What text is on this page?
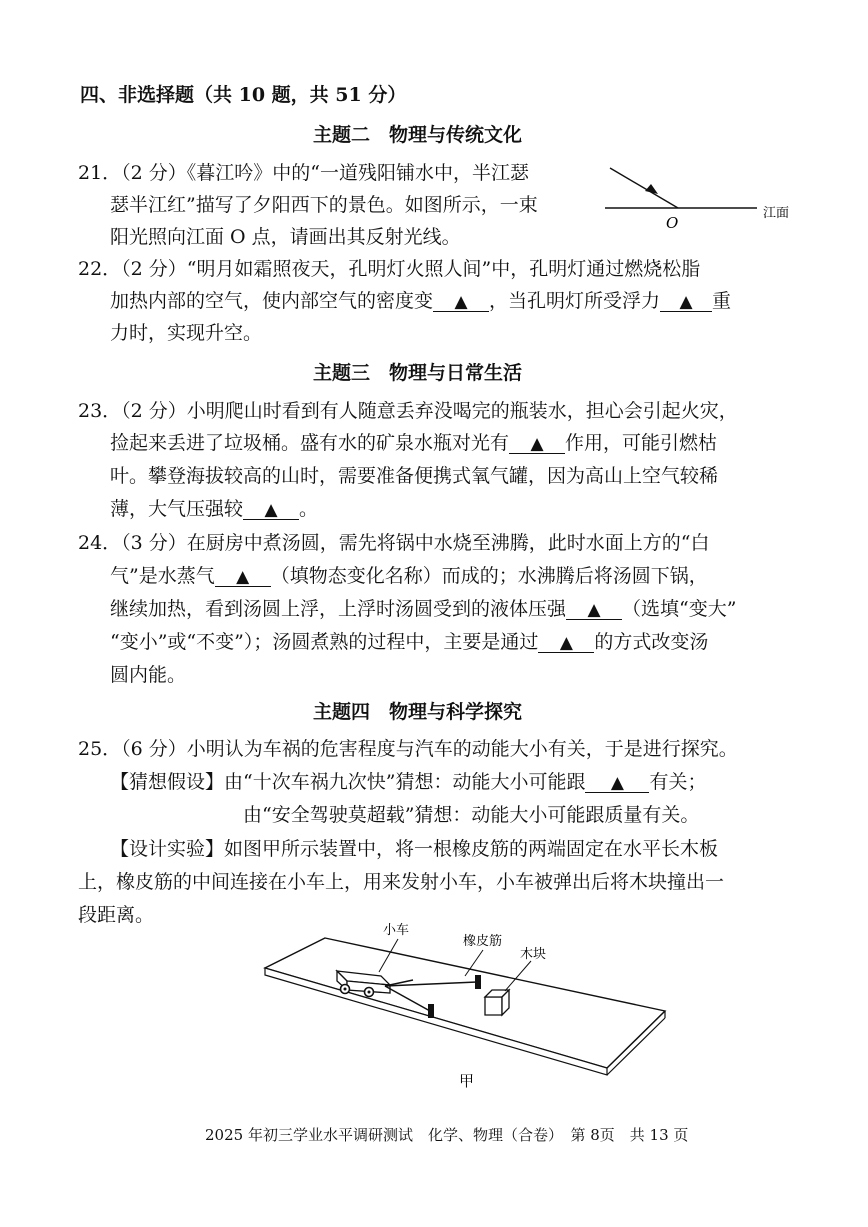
四、非选择题（共 10 题，共 51 分）
主题二　物理与传统文化
21．（2 分）《暮江吟》中的“一道残阳铺水中，半江瑟
瑟半江红”描写了夕阳西下的景色。如图所示，一束
阳光照向江面 O 点，请画出其反射光线。
O
江面
22．（2 分）“明月如霜照夜天，孔明灯火照人间”中，孔明灯通过燃烧松脂
加热内部的空气，使内部空气的密度变 ▲ ，当孔明灯所受浮力 ▲ 重
力时，实现升空。
主题三　物理与日常生活
23．（2 分）小明爬山时看到有人随意丢弃没喝完的瓶装水，担心会引起火灾，
捡起来丢进了垃圾桶。盛有水的矿泉水瓶对光有 ▲ 作用，可能引燃枯
叶。攀登海拔较高的山时，需要准备便携式氧气罐，因为高山上空气较稀
薄，大气压强较 ▲ 。
24．（3 分）在厨房中煮汤圆，需先将锅中水烧至沸腾，此时水面上方的“白
气”是水蒸气 ▲ （填物态变化名称）而成的；水沸腾后将汤圆下锅，
继续加热，看到汤圆上浮，上浮时汤圆受到的液体压强 ▲ （选填“变大”
“变小”或“不变”）；汤圆煮熟的过程中，主要是通过 ▲ 的方式改变汤
圆内能。
主题四　物理与科学探究
25．（6 分）小明认为车祸的危害程度与汽车的动能大小有关，于是进行探究。
【猜想假设】由“十次车祸九次快”猜想：动能大小可能跟 ▲ 有关；
由“安全驾驶莫超载”猜想：动能大小可能跟质量有关。
【设计实验】如图甲所示装置中，将一根橡皮筋的两端固定在水平长木板
上，橡皮筋的中间连接在小车上，用来发射小车，小车被弹出后将木块撞出一
段距离。
小车
橡皮筋
木块
甲
2025 年初三学业水平调研测试　化学、物理（合卷）　第 8页　共 13 页
